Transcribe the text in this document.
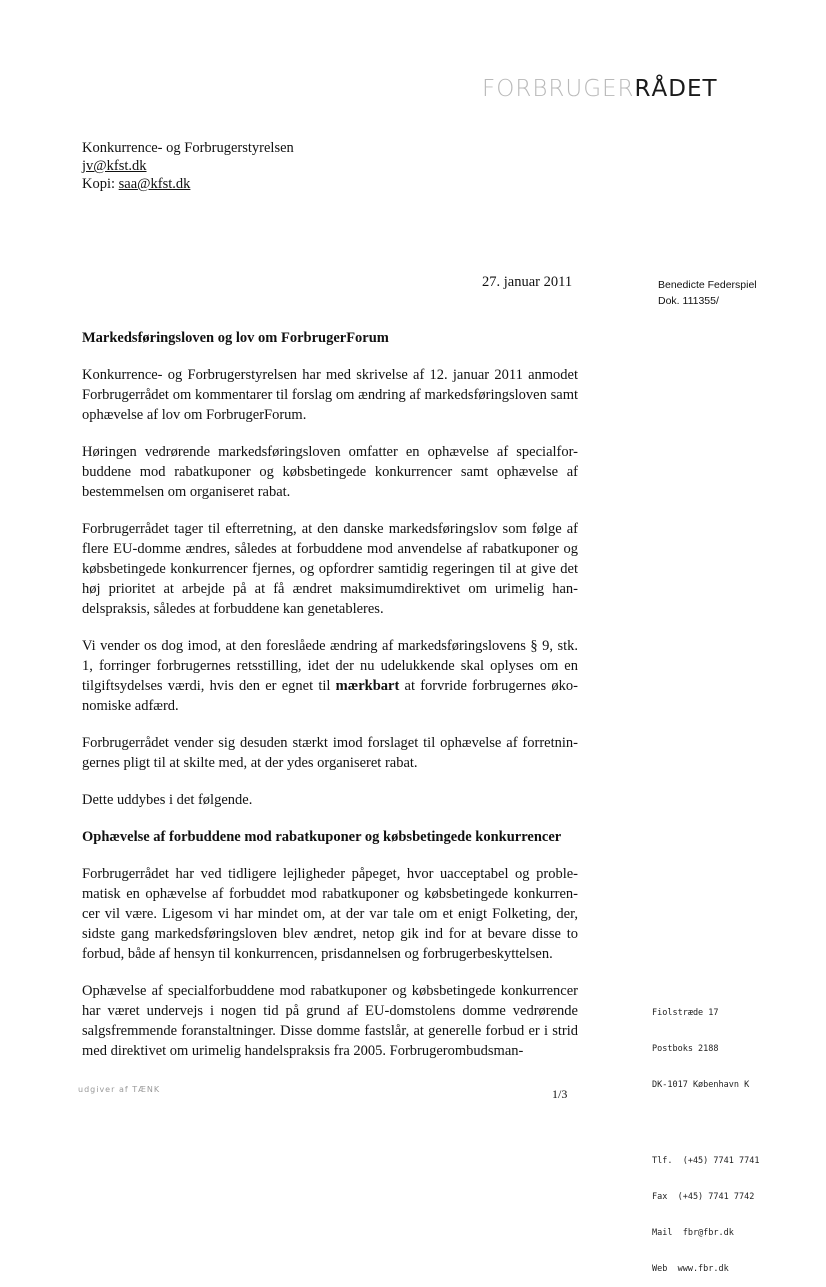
FORBRUGERRÅDET
Konkurrence- og Forbrugerstyrelsen
jv@kfst.dk
Kopi: saa@kfst.dk
27. januar 2011	Benedicte Federspiel
Dok. 111355/
Markedsføringsloven og lov om ForbrugerForum

Konkurrence- og Forbrugerstyrelsen har med skrivelse af 12. januar 2011 anmodet Forbrugerrådet om kommentarer til forslag om ændring af markedsføringsloven samt ophævelse af lov om ForbrugerForum.

Høringen vedrørende markedsføringsloven omfatter en ophævelse af specialfor-buddene mod rabatkuponer og købsbetingede konkurrencer samt ophævelse af bestemmelsen om organiseret rabat.

Forbrugerrådet tager til efterretning, at den danske markedsføringslov som følge af flere EU-domme ændres, således at forbuddene mod anvendelse af rabatkuponer og købsbetingede konkurrencer fjernes, og opfordrer samtidig regeringen til at give det høj prioritet at arbejde på at få ændret maksimumdirektivet om urimelig han-delspraksis, således at forbuddene kan genetableres.

Vi vender os dog imod, at den foreslåede ændring af markedsføringslovens § 9, stk. 1, forringer forbrugernes retsstilling, idet der nu udelukkende skal oplyses om en tilgiftsydelses værdi, hvis den er egnet til mærkbart at forvride forbrugernes øko-nomiske adfærd.

Forbrugerrådet vender sig desuden stærkt imod forslaget til ophævelse af forretnin-gernes pligt til at skilte med, at der ydes organiseret rabat.

Dette uddybes i det følgende.

Ophævelse af forbuddene mod rabatkuponer og købsbetingede konkurrencer

Forbrugerrådet har ved tidligere lejligheder påpeget, hvor uacceptabel og proble-matisk en ophævelse af forbuddet mod rabatkuponer og købsbetingede konkurren-cer vil være. Ligesom vi har mindet om, at der var tale om et enigt Folketing, der, sidste gang markedsføringsloven blev ændret, netop gik ind for at bevare disse to forbud, både af hensyn til konkurrencen, prisdannelsen og forbrugerbeskyttelsen.

Ophævelse af specialforbuddene mod rabatkuponer og købsbetingede konkurrencer har været undervejs i nogen tid på grund af EU-domstolens domme vedrørende salgsfremmende foranstaltninger. Disse domme fastslår, at generelle forbud er i strid med direktivet om urimelig handelspraksis fra 2005. Forbrugerombudsman-

Fiolstræde 17

Postboks 2188

DK-1017 København K

Tlf.  (+45) 7741 7741

Fax  (+45) 7741 7742

Mail  fbr@fbr.dk

Web  www.fbr.dk

udgiver af TÆNK	1/3
